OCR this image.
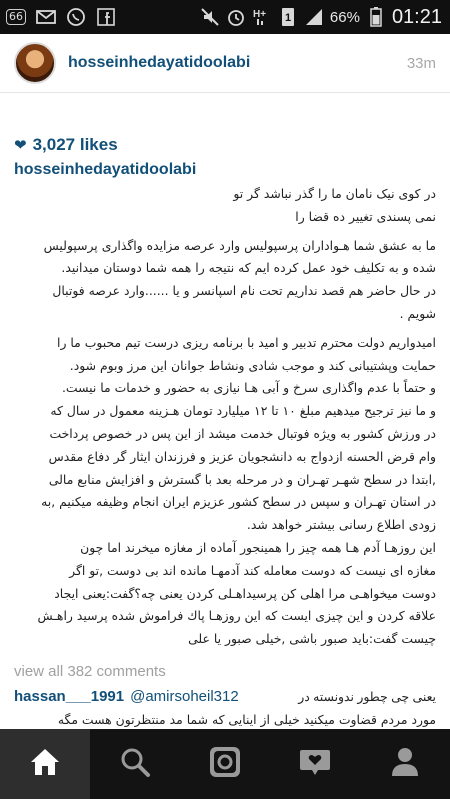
66	H+ 1	66% 01:21
hosseinhedayatidoolabi	33m
❤ 3,027 likes
hosseinhedayatidoolabi

در کوی نیک نامان ما را گذر نباشد گر تو

نمی پسندی تغییر ده قضا را

ما به عشق شما هـواداران پرسپولیس وارد عرصه مزایده واگذاری پرسپولیس

شده و به تکلیف خود عمل کرده ایم که نتیجه را همه شما دوستان میدانید.

در حال حاضر هم قصد نداریم تحت نام اسپانسر و یا ......وارد عرصه فوتبال

شویم .

امیدواریم دولت محترم تدبیر و امید با برنامه ریزی درست تیم محبوب ما را

حمایت وپشتیبانی کند و موجب شادی ونشاط جوانان این مرز وبوم شود.

و حتماً با عدم واگذاری سرخ و آبی هـا نیازی به حضور و خدمات ما نیست.

و ما نیز ترجیح میدهیم مبلغ ۱۰ تا ۱۲ میلیارد تومان هـزینه معمول در سال که

در ورزش کشور به ویژه فوتبال خدمت میشد از این پس در خصوص پرداخت

وام قرض الحسنه ازدواج به دانشجویان عزیز و فرزندان ایثار گر دفاع مقدس

,ابتدا در سطح شهـر تهـران و در مرحله بعد با گسترش و افزایش منابع مالی

در استان تهـران و سپس در سطح کشور عزیزم ایران انجام وظیفه میکنیم ,به

زودی اطلاع رسانی بیشتر خواهد شد.

این روزهـا آدم هـا همه چیز را همینجور آماده از مغازه میخرند اما چون

مغازه ای نیست که دوست معامله کند آدمهـا مانده اند بی دوست ,تو اگر

دوست میخواهـی مرا اهلی کن پرسیداهـلی کردن یعنی چه؟گفت:یعنی ایجاد

علاقه کردن و این چیزی ایست که این روزهـا پاك فراموش شده پرسید راهـش

چیست گفت:باید صبور باشی ,خیلی صبور یا علی

view all 382 comments
hassan___1991 @amirsoheil312	یعنی چی چطور ندونسته در

مورد مردم قضاوت میکنید خیلی از اینایی که شما مد منتظرتون هست مگه
